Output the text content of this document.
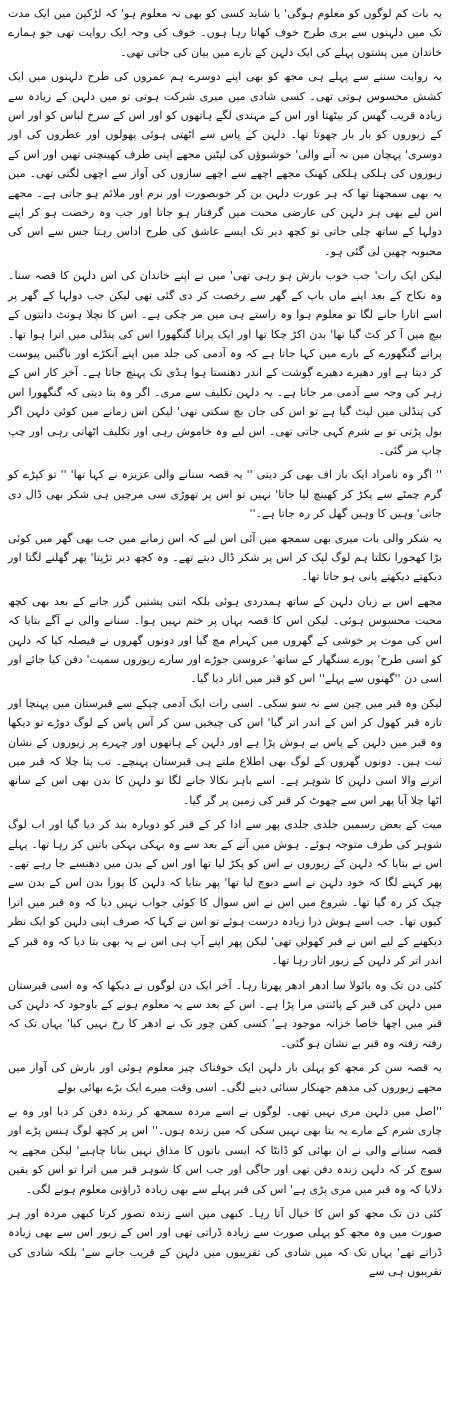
یہ بات کم لوگوں کو معلوم ہوگی' یا شاید کسی کو بھی نہ معلوم ہو' کہ لڑکپن میں ایک مدت تک میں دلہنوں سے بری طرح خوف کھاتا رہا ہوں۔ خوف کی وجہ ایک روایت تھی جو ہمارے خاندان میں پشتوں پہلے کی ایک دلہن کے بارے میں بیان کی جاتی تھی۔

یہ روایت سننے سے پہلے ہی مجھ کو بھی اپنے دوسرے ہم عمروں کی طرح دلہنوں میں ایک کشش محسوس ہوتی تھی۔ کسی شادی میں میری شرکت ہوتی تو میں دلہن کے زیادہ سے زیادہ قریب گھس کر بیٹھتا اور اس کے مہندی لگے ہاتھوں کو اور اس کے سرخ لباس کو اور اس کے زیوروں کو بار بار چھوتا تھا۔ دلہن کے پاس سے اٹھتی ہوئی پھولوں اور عطروں کی اور دوسری' پہچان میں نہ آنے والی' خوشبوؤں کی لپٹیں مجھے اپنی طرف کھینچتی تھیں اور اس کے زیوروں کی ہلکی ہلکی کھنک مجھے اچھے سے اچھے سازوں کی آواز سے اچھی لگتی تھی۔ میں یہ بھی سمجھتا تھا کہ ہر عورت دلہن بن کر خوبصورت اور نرم اور ملائم ہو جاتی ہے۔ مجھے اس لیے بھی ہر دلہن کی عارضی محبت میں گرفتار ہو جاتا اور جب وہ رخصت ہو کر اپنے دولہا کے ساتھ چلی جاتی تو کچھ دیر تک ایسے عاشق کی طرح اداس رہتا جس سے اس کی محبوبہ چھین لی گئی ہو۔

لیکن ایک رات' جب خوب بارش ہو رہی تھی' میں نے اپنے خاندان کی اس دلہن کا قصہ سنا۔ وہ نکاح کے بعد اپنے ماں باپ کے گھر سے رخصت کر دی گئی تھی لیکن جب دولہا کے گھر پر اسے اتارا جانے لگا تو معلوم ہوا وہ راستے ہی میں مر چکی ہے۔ اس کا نچلا ہونٹ دانتوں کے بیچ میں آ کر کٹ گیا تھا' بدن اکڑ چکا تھا اور ایک پرانا گنگھورا اس کی پنڈلی میں اترا ہوا تھا۔ پرانے گنگھورے کے بارے میں کہا جاتا ہے کہ وہ آدمی کی جلد میں اپنے آنکڑے اور ناگنیں پیوست کر دیتا ہے اور دھیرے دھیرے گوشت کے اندر دھنستا ہوا ہڈی تک پہنچ جاتا ہے۔ آخر کار اس کے زہر کی وجہ سے آدمی مر جاتا ہے۔ یہ دلہن تکلیف سے مری۔ اگر وہ بتا دیتی کہ گنگھورا اس کی پنڈلی میں لپٹ گیا ہے تو اس کی جان بچ سکتی تھی' لیکن اس زمانے میں کوئی دلہن اگر بول پڑتی تو بے شرم کہی جاتی تھی۔ اس لیے وہ خاموش رہی اور تکلیف اٹھاتی رہی اور چپ چاپ مر گئی۔

'' اگر وہ نامراد ایک بار اف بھی کر دیتی '' یہ قصہ سنانے والی عزیزہ نے کہا تھا' '' تو کپڑے کو گرم چمٹے سے پکڑ کر کھینچ لیا جاتا' نہیں تو اس پر تھوڑی سی مرچیں ہی شکر بھی ڈال دی جاتی' وہیں کا وہیں گھل کر رہ جاتا ہے۔''

یہ شکر والی بات میری بھی سمجھ میں آئی اس لیے کہ اس زمانے میں جب بھی گھر میں کوئی بڑا کھجورا نکلتا ہم لوگ لپک کر اس پر شکر ڈال دیتے تھے۔ وہ کچھ دیر تڑپتا' پھر گھلنے لگتا اور دیکھتے دیکھتے پانی ہو جاتا تھا۔

مجھے اس بے زبان دلہن کے ساتھ ہمدردی ہوئی بلکہ اتنی پشتیں گزر جانے کے بعد بھی کچھ محبت محسوس ہوئی۔ لیکن اس کا قصہ یہاں پر ختم نہیں ہوا۔ سنانے والی نے آگے بتایا کہ اس کی موت پر خوشی کے گھروں میں کہرام مچ گیا اور دونوں گھروں نے فیصلہ کیا کہ دلہن کو اسی طرح' پورے سنگھار کے ساتھ' عروسی جوڑے اور سارے زیوروں سمیت' دفن کیا جائے اور اسی دن ''گھنوں سے پہلے'' اس کو قبر میں اتار دیا گیا۔

لیکن وہ قبر میں چین سے نہ سو سکی۔ اسی رات ایک آدمی چپکے سے قبرستان میں پہنچا اور تازہ قبر کھول کر اس کے اندر اتر گیا' اس کی چیخیں سن کر آس پاس کے لوگ دوڑے تو دیکھا وہ قبر میں دلہن کے پاس بے ہوش پڑا ہے اور دلہن کے ہاتھوں اور چہرے پر زیوروں کے نشان ثبت ہیں۔ دونوں گھروں کے لوگ بھی اطلاع ملتے ہی قبرستان پہنچے۔ تب پتا چلا کہ قبر میں اترنے والا اسی دلہن کا شوہر ہے۔ اسے باہر نکالا جانے لگا تو دلہن کا بدن بھی اس کے ساتھ اٹھا چلا آیا پھر اس سے چھوٹ کر قبر کی زمین پر گر گیا۔

میت کے بعض رسمیں جلدی جلدی پھر سے ادا کر کے قبر کو دوبارہ بند کر دیا گیا اور اب لوگ شوہر کی طرف متوجہ ہوئے۔ ہوش میں آنے کے بعد سے وہ بہکی بہکی باتیں کر رہا تھا۔ پہلے اس نے بتایا کہ دلہن کے زیوروں نے اس کو پکڑ لیا تھا اور اس کے بدن میں دھنسے جا رہے تھے۔ پھر کہنے لگا کہ خود دلہن نے اسے دبوچ لیا تھا' پھر بتایا کہ دلہن کا پورا بدن اس کے بدن سے چپک کر رہ گیا تھا۔ شروع میں اس نے اس سوال کا کوئی جواب نہیں دیا کہ وہ قبر میں اترا کیوں تھا۔ جب اسے ہوش ذرا زیادہ درست ہوئے تو اس نے کہا کہ صرف اپنی دلہن کو ایک نظر دیکھنے کے لیے اس نے قبر کھولی تھی' لیکن پھر اپنے آپ ہی اس نے یہ بھی بتا دیا کہ وہ قبر کے اندر اتر کر دلہن کے زیور اتار رہا تھا۔

کئی دن تک وہ بائولا سا ادھر ادھر پھرتا رہا۔ آخر ایک دن لوگوں نے دیکھا کہ وہ اسی قبرستان میں دلہن کی قبر کے پائنتی مرا پڑا ہے۔ اس کے بعد سے یہ معلوم ہونے کے باوجود کہ دلہن کی قبر میں اچھا خاصا خزانہ موجود ہے' کسی کفن چور تک نے ادھر کا رخ نہیں کیا' یہاں تک کہ رفتہ رفتہ وہ قبر بے نشان ہو گئی۔

یہ قصہ سن کر مجھ کو پہلی بار دلہن ایک خوفناک چیز معلوم ہوئی اور بارش کی آواز میں مجھے زیوروں کی مدھم جھنکار سنائی دینے لگی۔ اسی وقت میرے ایک بڑے بھائی بولے

''اصل میں دلہن مری نہیں تھی۔ لوگوں نے اسے مردہ سمجھ کر زندہ دفن کر دیا اور وہ بے چاری شرم کے مارے یہ بتا بھی نہیں سکی کہ میں زندہ ہوں۔'' اس پر کچھ لوگ ہنس پڑے اور قصہ سنانے والی نے ان بھائی کو ڈانٹا کہ ایسی باتوں کا مذاق نہیں بنانا چاہیے' لیکن مجھے یہ سوچ کر کہ دلہن زندہ دفن تھی اور جاگی اور جب اس کا شوہر قبر میں اترا تو اس کو یقین دلایا کہ وہ قبر میں مری پڑی ہے' اس کی قبر پہلے سے بھی زیادہ ڈراؤنی معلوم ہونے لگی۔

کئی دن تک مجھ کو اس کا خیال آتا رہا۔ کبھی میں اسے زندہ تصور کرتا کبھی مردہ اور ہر صورت میں وہ مجھ کو پہلی صورت سے زیادہ ڈراتی تھی اور اس کے زیور اس سے بھی زیادہ ڈراتے تھے' یہاں تک کہ میں شادی کی تقریبوں میں دلہن کے قریب جانے سے' بلکہ شادی کی تقریبوں ہی سے
